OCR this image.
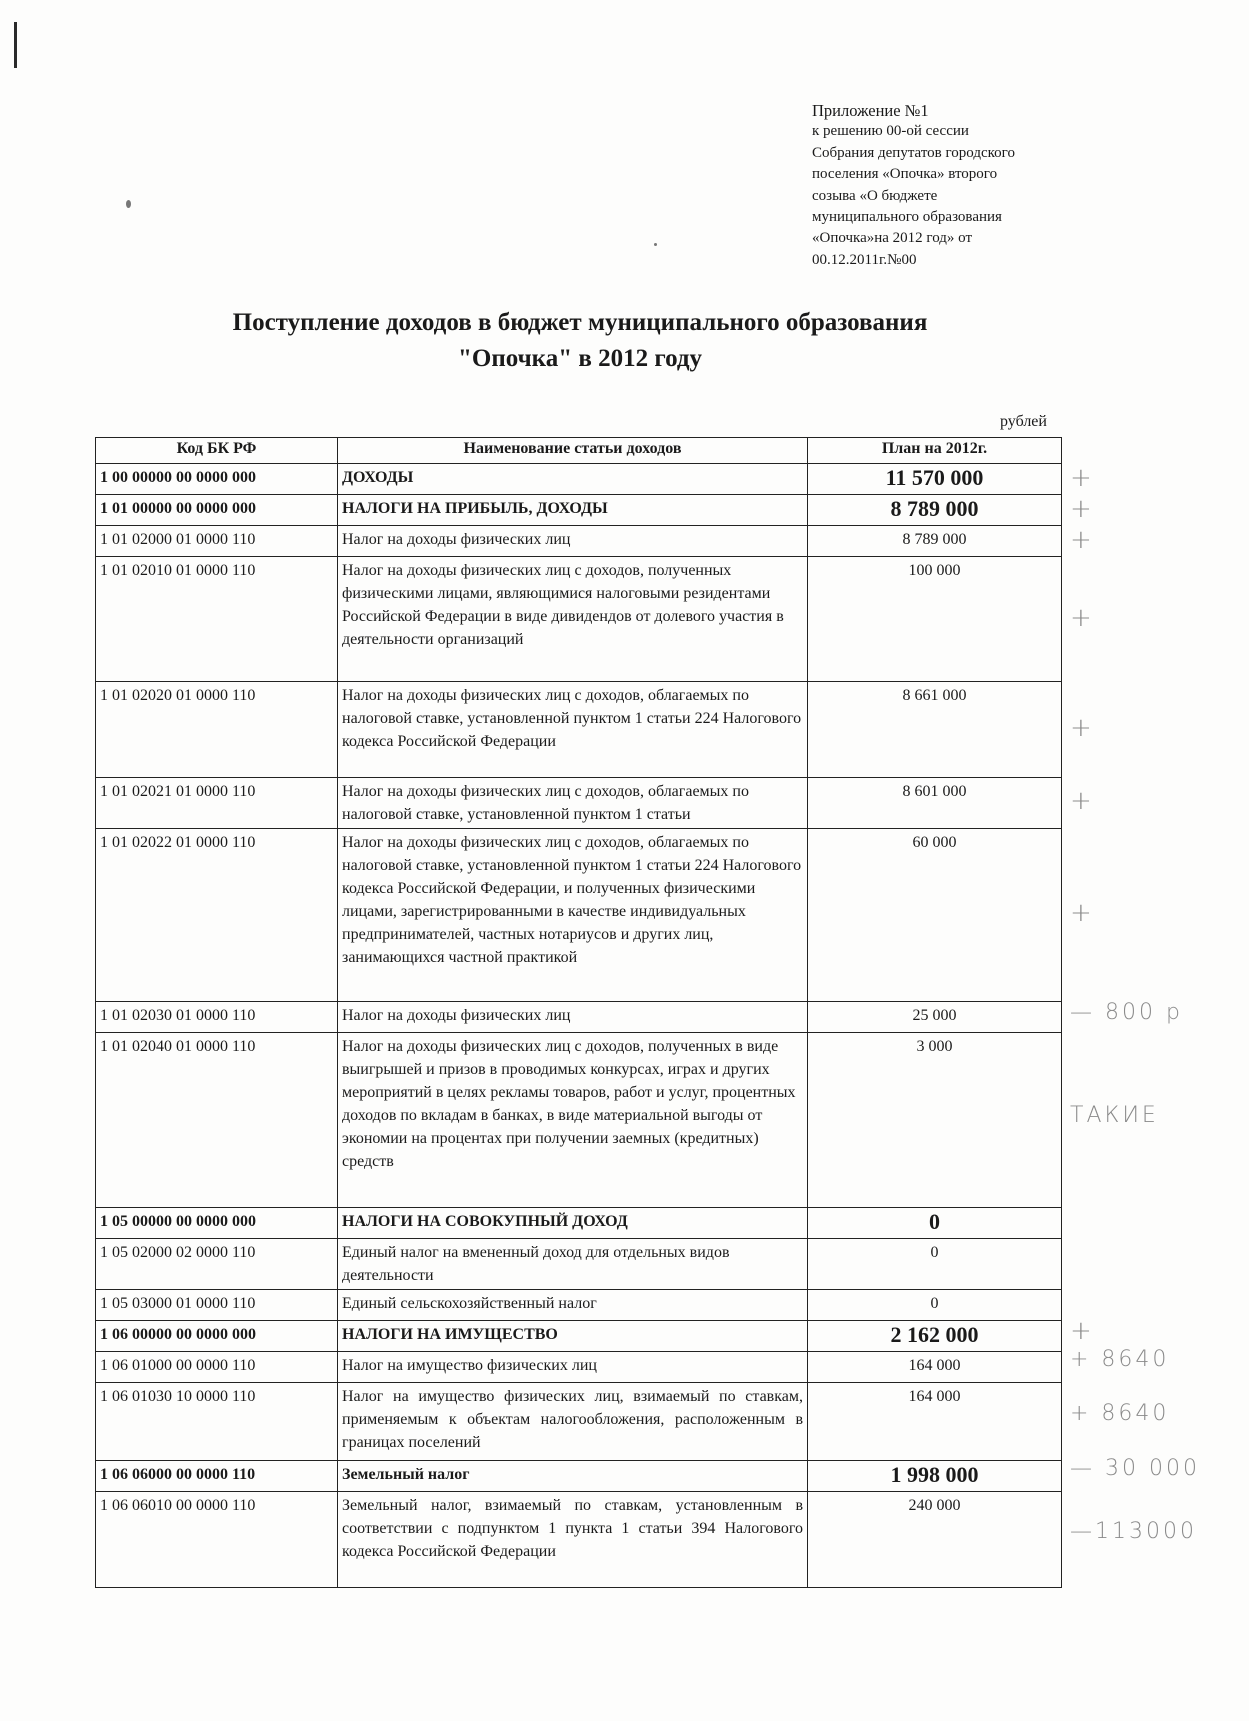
Приложение №1
к решению 00-ой сессии
Собрания депутатов городского
поселения «Опочка» второго
созыва «О бюджете
муниципального образования
«Опочка»на 2012 год» от
00.12.2011г.№00
Поступление доходов в бюджет муниципального образования
"Опочка" в 2012 году
рублей
Код БК РФ	Наименование статьи доходов	План на 2012г.
1 00 00000 00 0000 000	ДОХОДЫ	11 570 000
1 01 00000 00 0000 000	НАЛОГИ НА ПРИБЫЛЬ, ДОХОДЫ	8 789 000
1 01 02000 01 0000 110	Налог на доходы физических лиц	8 789 000
1 01 02010 01 0000 110	Налог на доходы физических лиц с доходов, полученных физическими лицами, являющимися налоговыми резидентами Российской Федерации в виде дивидендов от долевого участия в деятельности организаций	100 000
1 01 02020 01 0000 110	Налог на доходы физических лиц с доходов, облагаемых по налоговой ставке, установленной пунктом 1 статьи 224 Налогового кодекса Российской Федерации	8 661 000
1 01 02021 01 0000 110	Налог на доходы физических лиц с доходов, облагаемых по налоговой ставке, установленной пунктом 1 статьи	8 601 000
1 01 02022 01 0000 110	Налог на доходы физических лиц с доходов, облагаемых по налоговой ставке, установленной пунктом 1 статьи 224 Налогового кодекса Российской Федерации, и полученных физическими лицами, зарегистрированными в качестве индивидуальных предпринимателей, частных нотариусов и других лиц, занимающихся частной практикой	60 000
1 01 02030 01 0000 110	Налог на доходы физических лиц	25 000
1 01 02040 01 0000 110	Налог на доходы физических лиц с доходов, полученных в виде выигрышей и призов в проводимых конкурсах, играх и других мероприятий в целях рекламы товаров, работ и услуг, процентных доходов по вкладам в банках, в виде материальной выгоды от экономии на процентах при получении заемных (кредитных) средств	3 000
1 05 00000 00 0000 000	НАЛОГИ НА СОВОКУПНЫЙ ДОХОД	0
1 05 02000 02 0000 110	Единый налог на вмененный доход для отдельных видов деятельности	0
1 05 03000 01 0000 110	Единый сельскохозяйственный налог	0
1 06 00000 00 0000 000	НАЛОГИ НА ИМУЩЕСТВО	2 162 000
1 06 01000 00 0000 110	Налог на имущество физических лиц	164 000
1 06 01030 10 0000 110	Налог на имущество физических лиц, взимаемый по ставкам, применяемым к объектам налогообложения, расположенным в границах поселений	164 000
1 06 06000 00 0000 110	Земельный налог	1 998 000
1 06 06010 00 0000 110	Земельный налог, взимаемый по ставкам, установленным в соответствии с подпунктом 1 пункта 1 статьи 394 Налогового кодекса Российской Федерации	240 000
+
+
+
+
+
+
+
— 800 р
ТАКИЕ
+
+ 8640
+ 8640
— 30 000
—113000
